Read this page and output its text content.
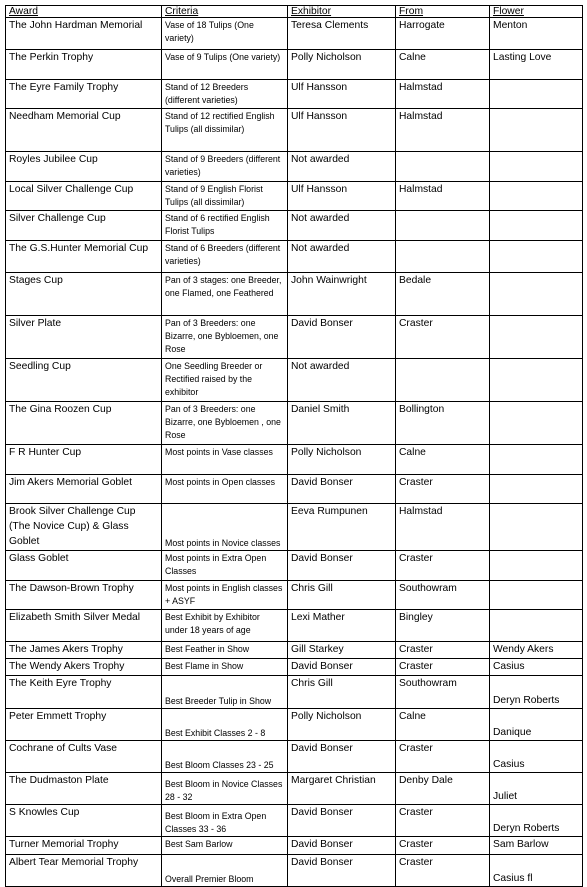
Award	Criteria	Exhibitor	From	Flower
The John Hardman Memorial	Vase of 18 Tulips (One variety)	Teresa Clements	Harrogate	Menton
The Perkin Trophy	Vase of 9 Tulips (One variety)	Polly Nicholson	Calne	Lasting Love
The Eyre Family Trophy	Stand of 12 Breeders (different varieties)	Ulf Hansson	Halmstad	
Needham Memorial Cup	Stand of 12 rectified English Tulips (all dissimilar)	Ulf Hansson	Halmstad	
Royles Jubilee Cup	Stand of 9 Breeders (different varieties)	Not awarded		
Local Silver Challenge Cup	Stand of 9 English Florist Tulips (all dissimilar)	Ulf Hansson	Halmstad	
Silver Challenge Cup	Stand of 6 rectified English Florist Tulips	Not awarded		
The G.S.Hunter Memorial Cup	Stand of 6 Breeders (different varieties)	Not awarded		
Stages Cup	Pan of 3 stages: one Breeder, one Flamed, one Feathered	John Wainwright	Bedale	
Silver Plate	Pan of 3 Breeders: one Bizarre, one Byblоemen, one Rose	David Bonser	Craster	
Seedling Cup	One Seedling Breeder or Rectified raised by the exhibitor	Not awarded		
The Gina Roozen Cup	Pan of 3 Breeders: one Bizarre, one Bybloemen , one Rose	Daniel Smith	Bollington	
F R Hunter Cup	Most points in Vase classes	Polly Nicholson	Calne	
Jim Akers Memorial Goblet	Most points in Open classes	David Bonser	Craster	
Brook Silver Challenge Cup (The Novice Cup) & Glass Goblet	Most points in Novice classes	Eeva Rumpunen	Halmstad	
Glass Goblet	Most points in Extra Open Classes	David Bonser	Craster	
The Dawson-Brown Trophy	Most points in English classes + ASYF	Chris Gill	Southowram	
Elizabeth Smith Silver Medal	Best Exhibit by Exhibitor under 18 years of age	Lexi Mather	Bingley	
The James Akers Trophy	Best Feather in Show	Gill Starkey	Craster	Wendy Akers
The Wendy Akers Trophy	Best Flame in Show	David Bonser	Craster	Casius
The Keith Eyre Trophy	Best Breeder Tulip in Show	Chris Gill	Southowram	Deryn Roberts
Peter Emmett Trophy	Best Exhibit Classes 2 - 8	Polly Nicholson	Calne	Danique
Cochrane of Cults Vase	Best Bloom Classes 23 - 25	David Bonser	Craster	Casius
The Dudmaston Plate	Best Bloom in Novice Classes 28 - 32	Margaret Christian	Denby Dale	Juliet
S Knowles Cup	Best Bloom in Extra Open Classes 33 - 36	David Bonser	Craster	Deryn Roberts
Turner Memorial Trophy	Best Sam Barlow	David Bonser	Craster	Sam Barlow
Albert Tear Memorial Trophy	Overall Premier Bloom	David Bonser	Craster	Casius fl
